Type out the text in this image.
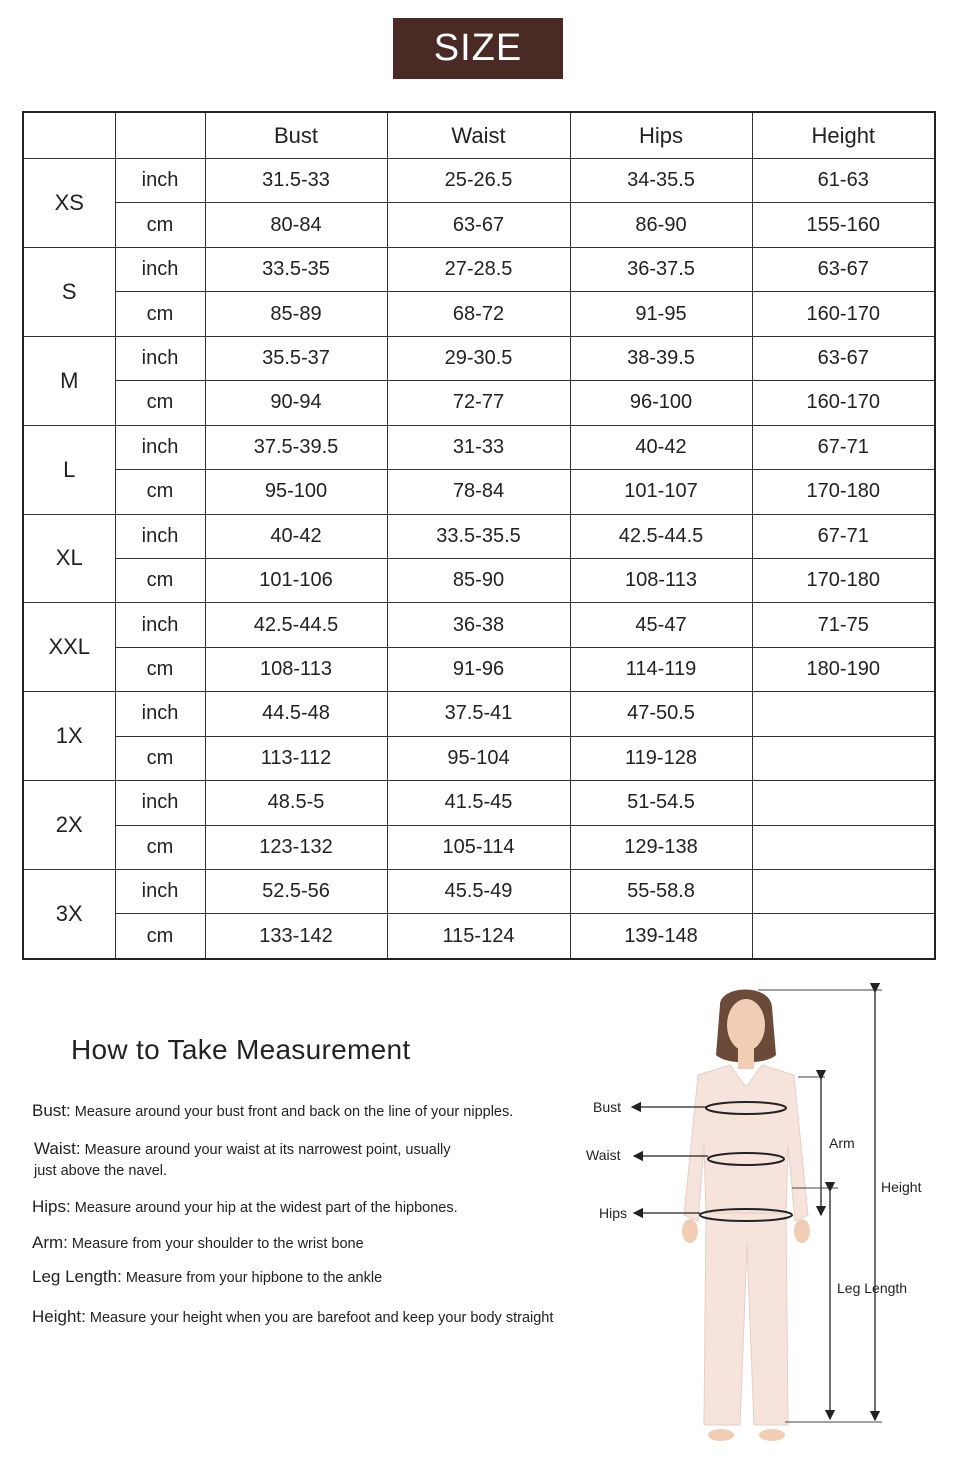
SIZE
		Bust	Waist	Hips	Height
XS	inch	31.5-33	25-26.5	34-35.5	61-63
	cm	80-84	63-67	86-90	155-160
S	inch	33.5-35	27-28.5	36-37.5	63-67
	cm	85-89	68-72	91-95	160-170
M	inch	35.5-37	29-30.5	38-39.5	63-67
	cm	90-94	72-77	96-100	160-170
L	inch	37.5-39.5	31-33	40-42	67-71
	cm	95-100	78-84	101-107	170-180
XL	inch	40-42	33.5-35.5	42.5-44.5	67-71
	cm	101-106	85-90	108-113	170-180
XXL	inch	42.5-44.5	36-38	45-47	71-75
	cm	108-113	91-96	114-119	180-190
1X	inch	44.5-48	37.5-41	47-50.5	
	cm	113-112	95-104	119-128	
2X	inch	48.5-5	41.5-45	51-54.5	
	cm	123-132	105-114	129-138	
3X	inch	52.5-56	45.5-49	55-58.8	
	cm	133-142	115-124	139-148	
How to Take Measurement
Bust: Measure around your bust front and back on the line of your nipples.
Waist: Measure around your waist at its narrowest point, usually
just above the navel.
Hips: Measure around your hip at the widest part of the hipbones.
Arm: Measure from your shoulder to the wrist bone
Leg Length: Measure from your hipbone to the ankle
Height: Measure your height when you are barefoot and keep your body straight
Bust
Waist
Hips
Arm
Height
Leg Length
